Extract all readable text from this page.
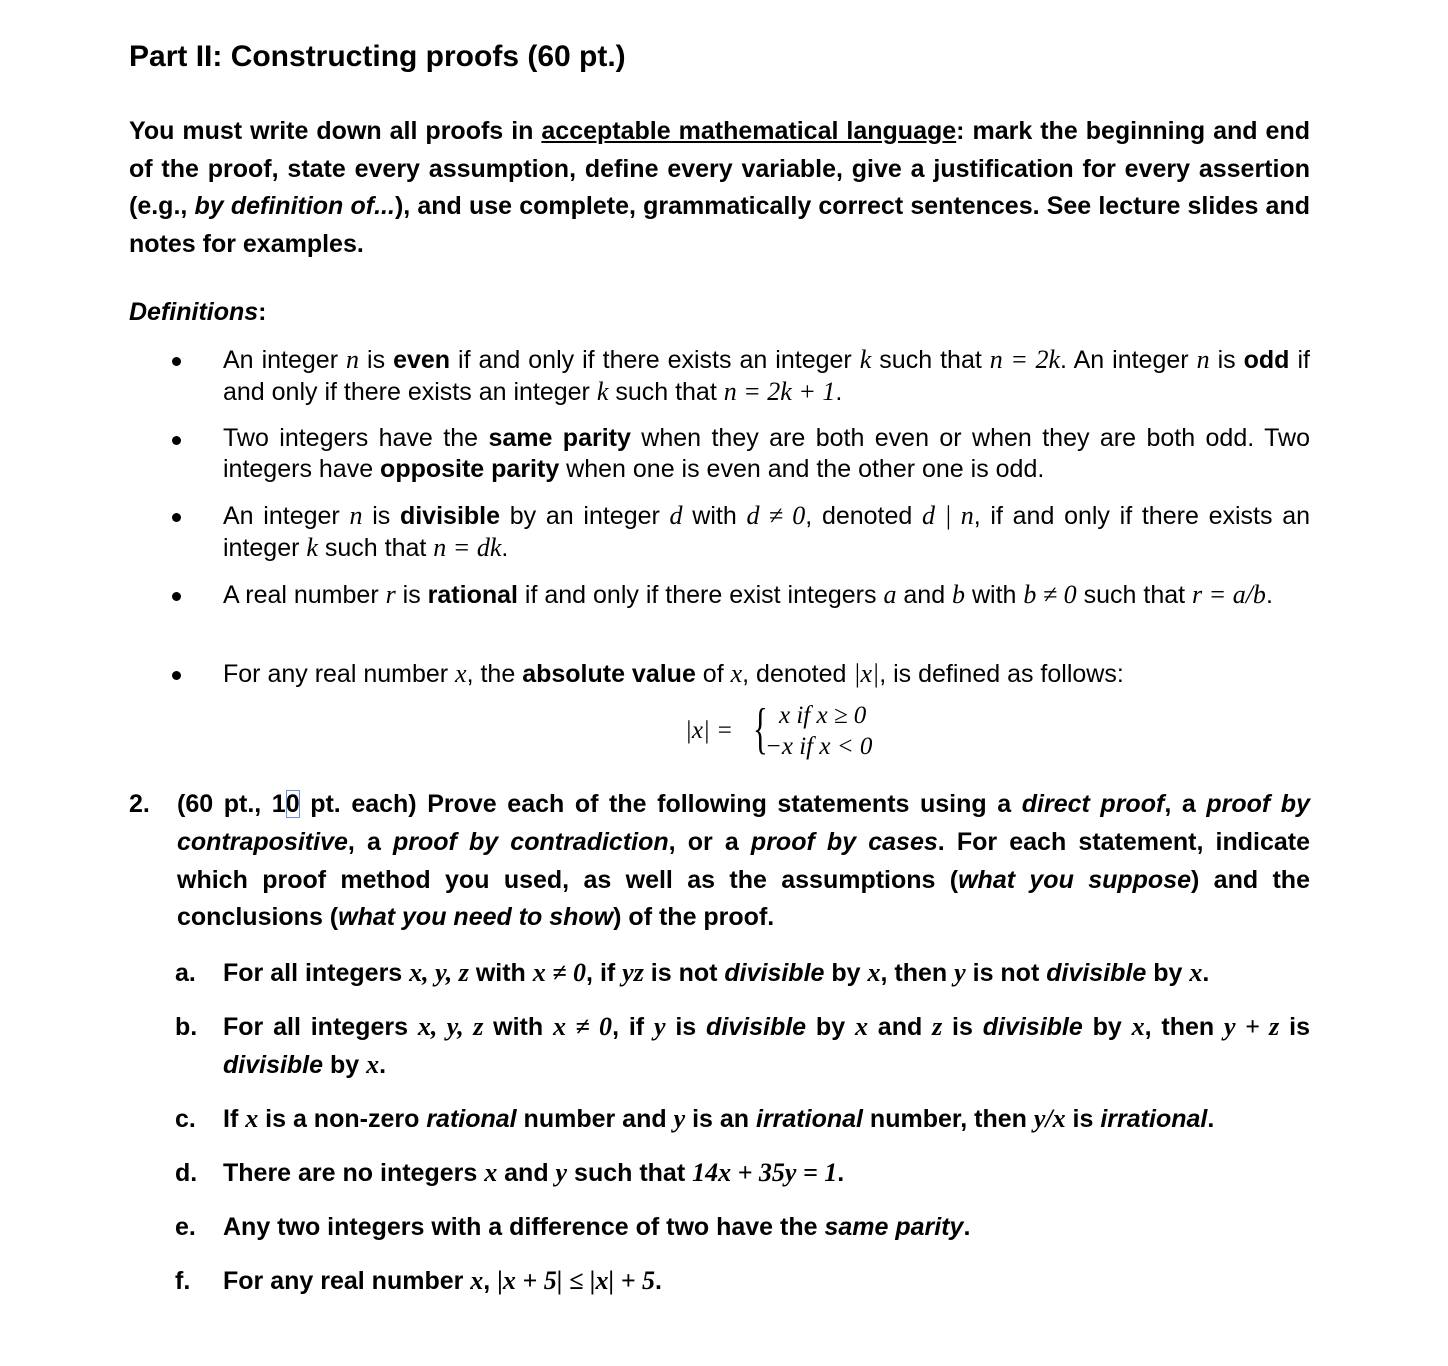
Part II: Constructing proofs (60 pt.)

You must write down all proofs in acceptable mathematical language: mark the beginning and end of the proof, state every assumption, define every variable, give a justification for every assertion (e.g., by definition of...), and use complete, grammatically correct sentences. See lecture slides and notes for examples.

Definitions:

An integer n is even if and only if there exists an integer k such that n = 2k. An integer n is odd if and only if there exists an integer k such that n = 2k + 1.
Two integers have the same parity when they are both even or when they are both odd. Two integers have opposite parity when one is even and the other one is odd.
An integer n is divisible by an integer d with d ≠ 0, denoted d | n, if and only if there exists an integer k such that n = dk.
A real number r is rational if and only if there exist integers a and b with b ≠ 0 such that r = a/b.
For any real number x, the absolute value of x, denoted |x|, is defined as follows:
|x| = { x if x ≥ 0
−x if x < 0
2. (60 pt., 10 pt. each) Prove each of the following statements using a direct proof, a proof by contrapositive, a proof by contradiction, or a proof by cases. For each statement, indicate which proof method you used, as well as the assumptions (what you suppose) and the conclusions (what you need to show) of the proof.
a. For all integers x, y, z with x ≠ 0, if yz is not divisible by x, then y is not divisible by x.
b. For all integers x, y, z with x ≠ 0, if y is divisible by x and z is divisible by x, then y + z is divisible by x.
c. If x is a non-zero rational number and y is an irrational number, then y/x is irrational.
d. There are no integers x and y such that 14x + 35y = 1.
e. Any two integers with a difference of two have the same parity.
f. For any real number x, |x + 5| ≤ |x| + 5.
